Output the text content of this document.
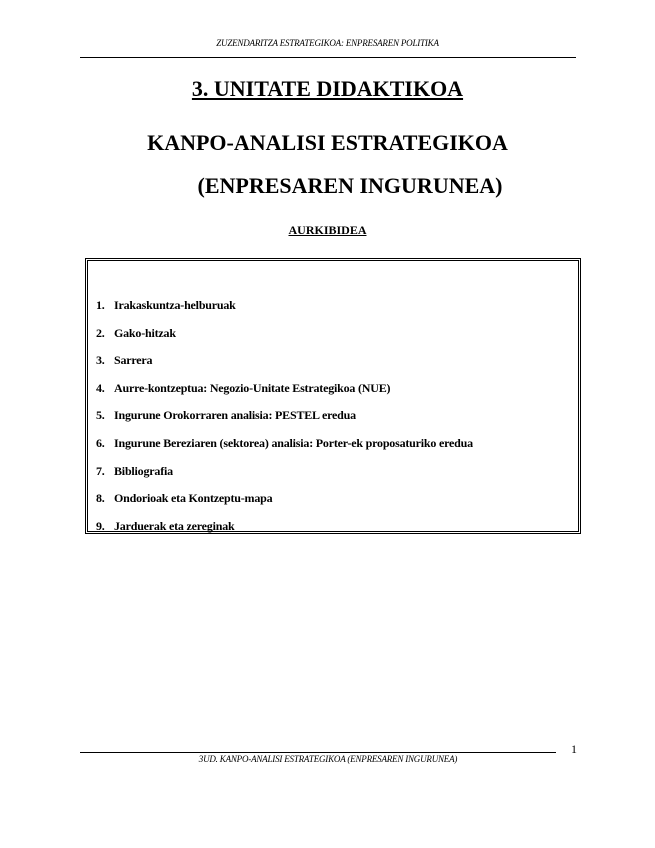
ZUZENDARITZA ESTRATEGIKOA: ENPRESAREN POLITIKA
3. UNITATE DIDAKTIKOA
KANPO-ANALISI ESTRATEGIKOA
(ENPRESAREN INGURUNEA)
AURKIBIDEA
1. Irakaskuntza-helburuak
2. Gako-hitzak
3. Sarrera
4. Aurre-kontzeptua: Negozio-Unitate Estrategikoa (NUE)
5. Ingurune Orokorraren analisia: PESTEL eredua
6. Ingurune Bereziaren (sektorea) analisia: Porter-ek proposaturiko eredua
7. Bibliografia
8. Ondorioak eta Kontzeptu-mapa
9. Jarduerak eta zereginak
3UD. KANPO-ANALISI ESTRATEGIKOA (ENPRESAREN INGURUNEA)
1
